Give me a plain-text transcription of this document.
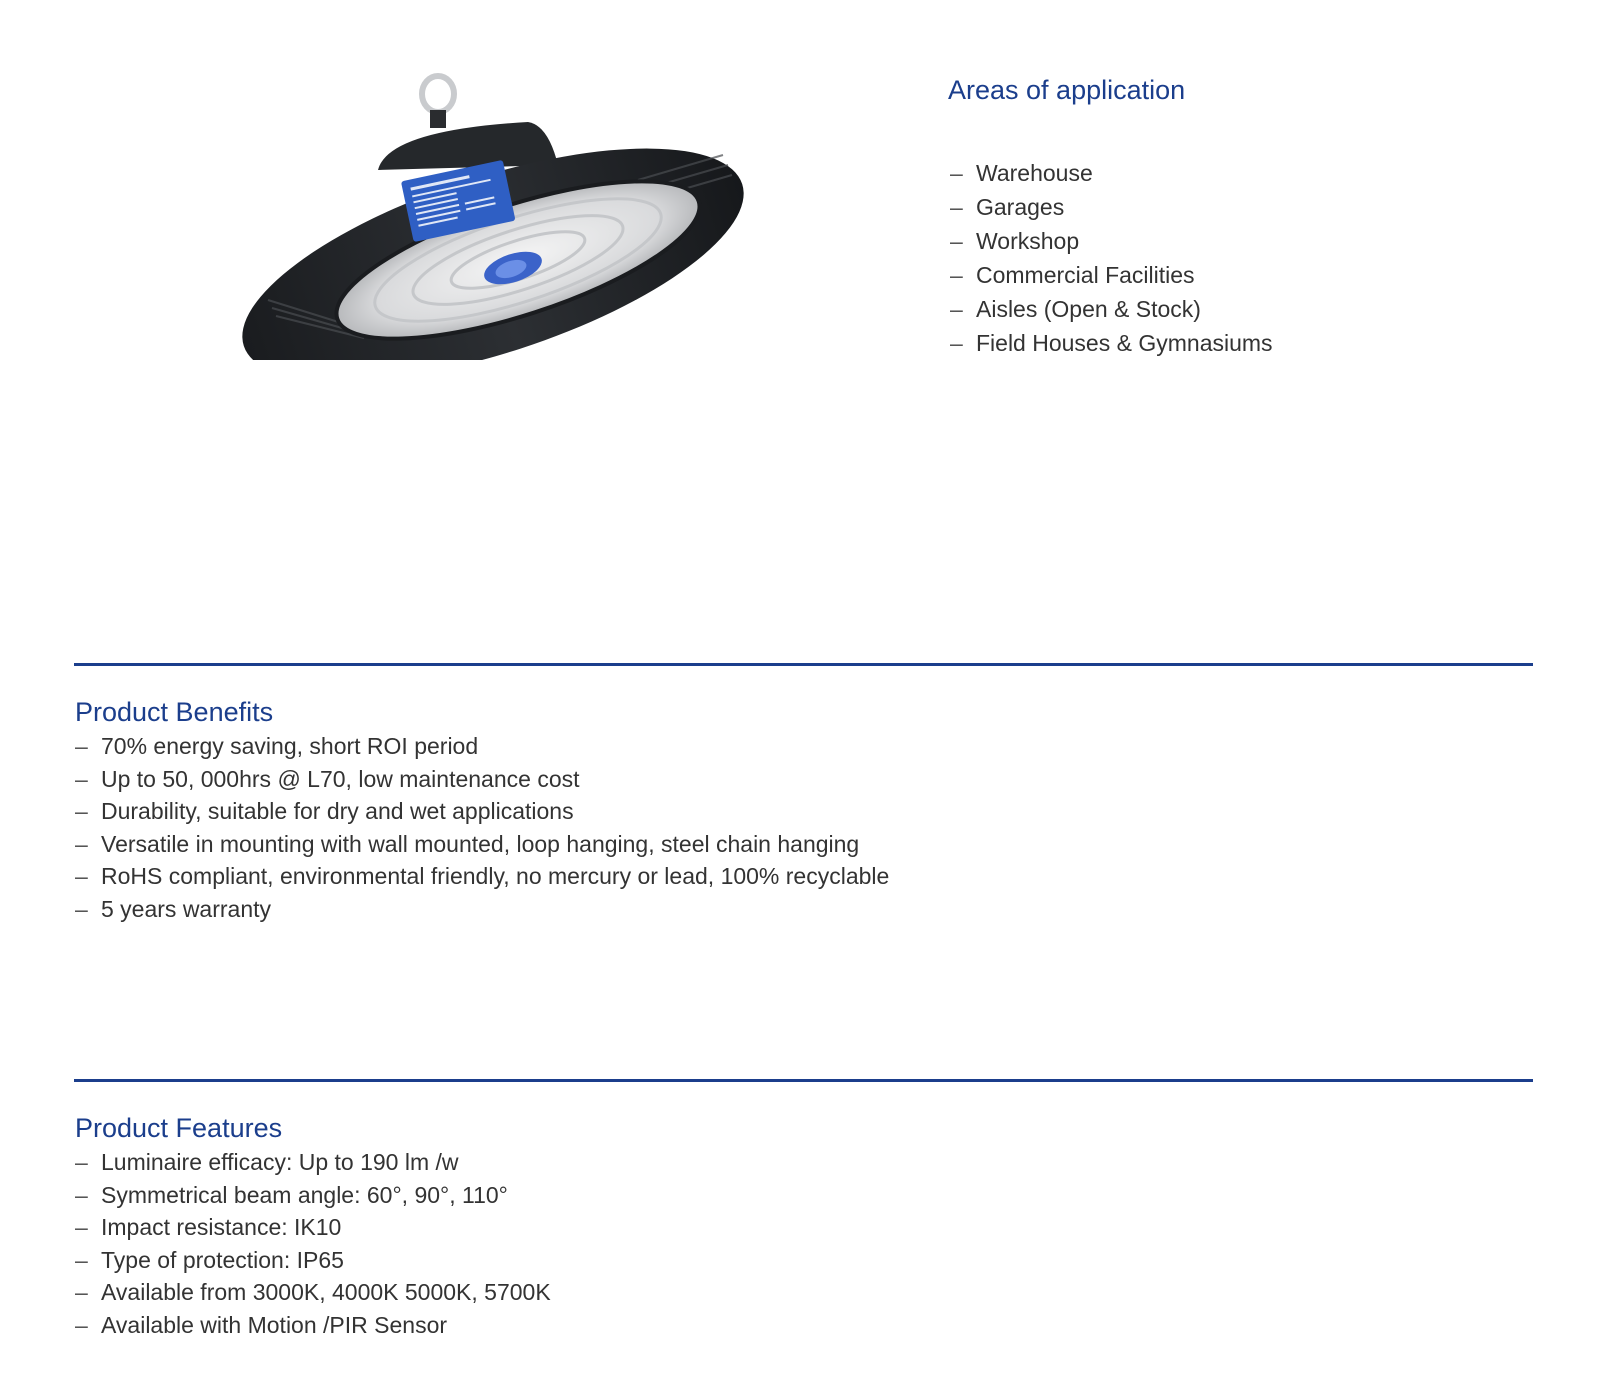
Areas of application
– Warehouse
– Garages
– Workshop
– Commercial Facilities
– Aisles (Open & Stock)
– Field Houses & Gymnasiums
Product Benefits
– 70% energy saving, short ROI period
– Up to 50, 000hrs @ L70, low maintenance cost
– Durability, suitable for dry and wet applications
– Versatile in mounting with wall mounted, loop hanging, steel chain hanging
– RoHS compliant, environmental friendly, no mercury or lead, 100% recyclable
– 5 years warranty
Product Features
– Luminaire efficacy: Up to 190 lm /w
– Symmetrical beam angle: 60°, 90°, 110°
– Impact resistance: IK10
– Type of protection: IP65
– Available from 3000K, 4000K 5000K, 5700K
– Available with Motion /PIR Sensor
